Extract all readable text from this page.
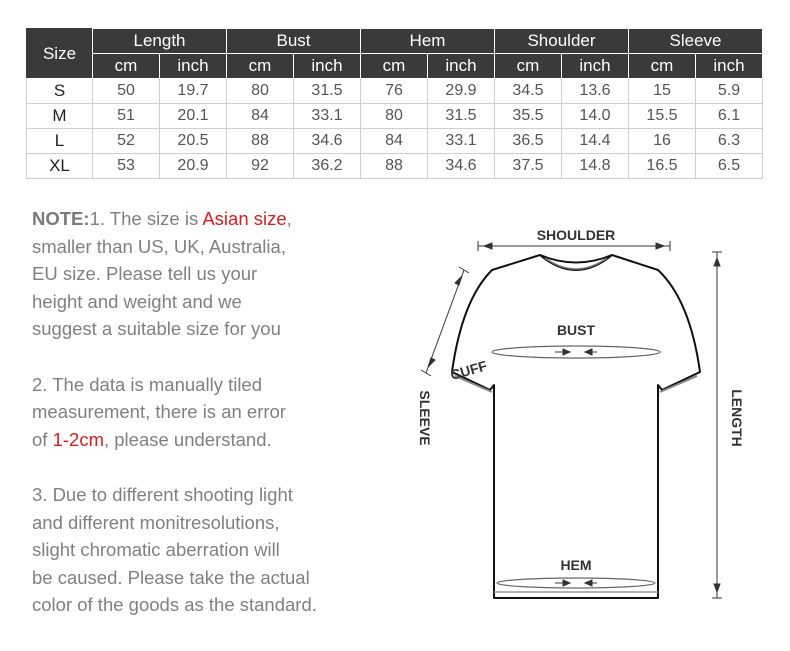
Size	Length		Bust		Hem		Shoulder		Sleeve	
	cm	inch	cm	inch	cm	inch	cm	inch	cm	inch
S	50	19.7	80	31.5	76	29.9	34.5	13.6	15	5.9
M	51	20.1	84	33.1	80	31.5	35.5	14.0	15.5	6.1
L	52	20.5	88	34.6	84	33.1	36.5	14.4	16	6.3
XL	53	20.9	92	36.2	88	34.6	37.5	14.8	16.5	6.5

NOTE:1. The size is Asian size,
smaller than US, UK, Australia,
EU size. Please tell us your
height and weight and we
suggest a suitable size for you

2. The data is manually tiled
measurement, there is an error
of 1-2cm, please understand.

3. Due to different shooting light
and different monitresolutions,
slight chromatic aberration will
be caused. Please take the actual
color of the goods as the standard.

SHOULDER
BUST
CUFF
SLEEVE	LENGTH
HEM
